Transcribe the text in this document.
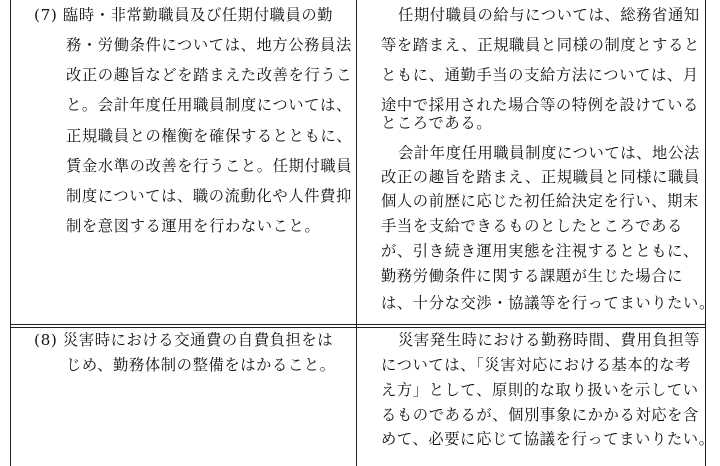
(7) 臨時・非常勤職員及び任期付職員の勤
務・労働条件については、地方公務員法
改正の趣旨などを踏まえた改善を行うこ
と。会計年度任用職員制度については、
正規職員との権衡を確保するとともに、
賃金水準の改善を行うこと。任期付職員
制度については、職の流動化や人件費抑
制を意図する運用を行わないこと。
任期付職員の給与については、総務省通知
等を踏まえ、正規職員と同様の制度とすると
ともに、通勤手当の支給方法については、月
途中で採用された場合等の特例を設けている
ところである。
会計年度任用職員制度については、地公法
改正の趣旨を踏まえ、正規職員と同様に職員
個人の前歴に応じた初任給決定を行い、期末
手当を支給できるものとしたところである
が、引き続き運用実態を注視するとともに、
勤務労働条件に関する課題が生じた場合に
は、十分な交渉・協議等を行ってまいりたい。
(8) 災害時における交通費の自費負担をは
じめ、勤務体制の整備をはかること。
災害発生時における勤務時間、費用負担等
については、「災害対応における基本的な考
え方」として、原則的な取り扱いを示してい
るものであるが、個別事象にかかる対応を含
めて、必要に応じて協議を行ってまいりたい。
